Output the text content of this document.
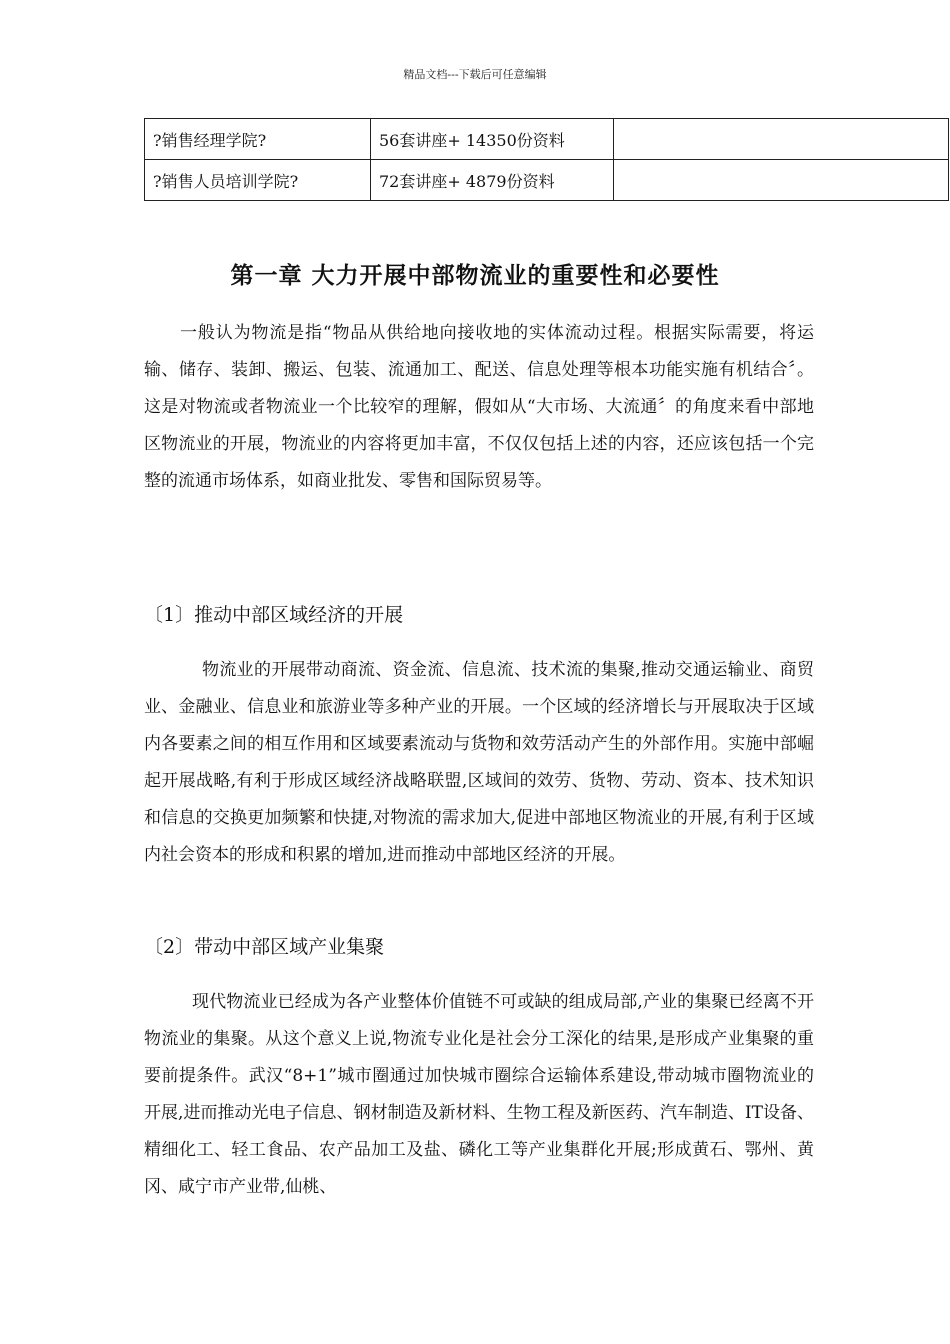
精品文档---下载后可任意编辑
?销售经理学院?	56套讲座+ 14350份资料	
?销售人员培训学院?	72套讲座+ 4879份资料	
第一章 大力开展中部物流业的重要性和必要性

一般认为物流是指“物品从供给地向接收地的实体流动过程。根据实际需要，将运输、储存、装卸、搬运、包装、流通加工、配送、信息处理等根本功能实施有机结合〞。这是对物流或者物流业一个比较窄的理解，假如从“大市场、大流通〞的角度来看中部地区物流业的开展，物流业的内容将更加丰富，不仅仅包括上述的内容，还应该包括一个完整的流通市场体系，如商业批发、零售和国际贸易等。

〔1〕推动中部区域经济的开展

物流业的开展带动商流、资金流、信息流、技术流的集聚,推动交通运输业、商贸业、金融业、信息业和旅游业等多种产业的开展。一个区域的经济增长与开展取决于区域内各要素之间的相互作用和区域要素流动与货物和效劳活动产生的外部作用。实施中部崛起开展战略,有利于形成区域经济战略联盟,区域间的效劳、货物、劳动、资本、技术知识和信息的交换更加频繁和快捷,对物流的需求加大,促进中部地区物流业的开展,有利于区域内社会资本的形成和积累的增加,进而推动中部地区经济的开展。

〔2〕带动中部区域产业集聚

现代物流业已经成为各产业整体价值链不可或缺的组成局部,产业的集聚已经离不开物流业的集聚。从这个意义上说,物流专业化是社会分工深化的结果,是形成产业集聚的重要前提条件。武汉“8+1”城市圈通过加快城市圈综合运输体系建设,带动城市圈物流业的开展,进而推动光电子信息、钢材制造及新材料、生物工程及新医药、汽车制造、IT设备、精细化工、轻工食品、农产品加工及盐、磷化工等产业集群化开展;形成黄石、鄂州、黄冈、咸宁市产业带,仙桃、
